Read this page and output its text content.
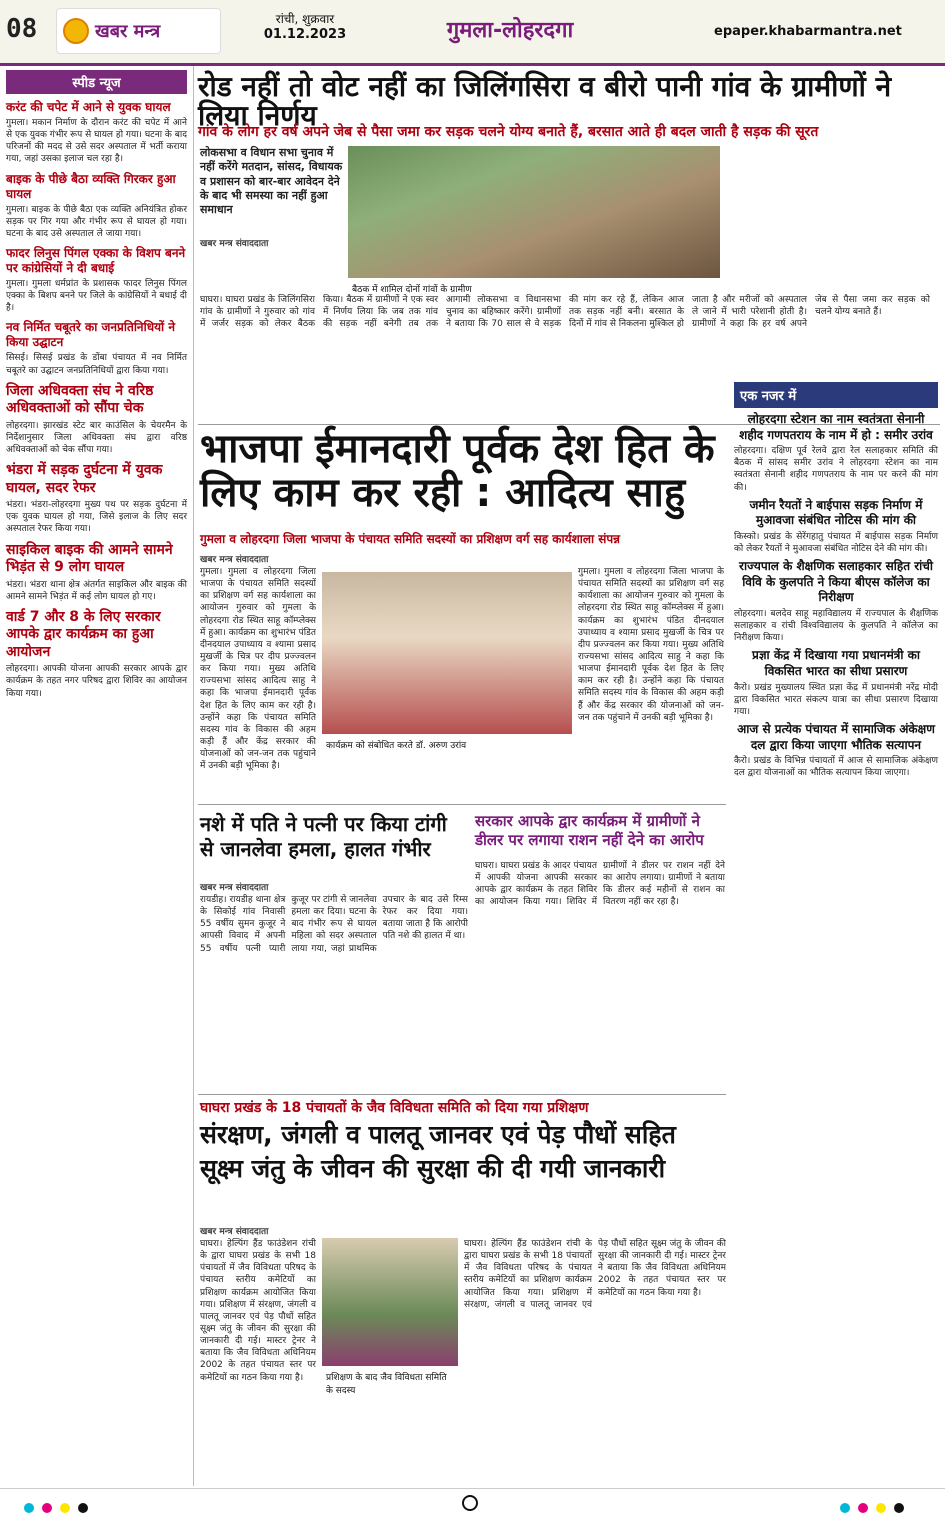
08	खबर मन्त्र
रांची, शुक्रवार
01.12.2023	गुमला-लोहरदगा	epaper.khabarmantra.net
स्पीड न्यूज
करंट की चपेट में आने से युवक घायल
गुमला। मकान निर्माण के दौरान करंट की चपेट में आने से एक युवक गंभीर रूप से घायल हो गया। घटना के बाद परिजनों की मदद से उसे सदर अस्पताल में भर्ती कराया गया, जहां उसका इलाज चल रहा है।
बाइक के पीछे बैठा व्यक्ति गिरकर हुआ घायल
गुमला। बाइक के पीछे बैठा एक व्यक्ति अनियंत्रित होकर सड़क पर गिर गया और गंभीर रूप से घायल हो गया। घटना के बाद उसे अस्पताल ले जाया गया।
फादर लिनुस पिंगल एक्का के विशप बनने पर कांग्रेसियों ने दी बधाई
गुमला। गुमला धर्मप्रांत के प्रशासक फादर लिनुस पिंगल एक्का के बिशप बनने पर जिले के कांग्रेसियों ने बधाई दी है।
नव निर्मित चबूतरे का जनप्रतिनिधियों ने किया उद्घाटन
सिसई। सिसई प्रखंड के डोंबा पंचायत में नव निर्मित चबूतरे का उद्घाटन जनप्रतिनिधियों द्वारा किया गया।
जिला अधिवक्ता संघ ने वरिष्ठ अधिवक्ताओं को सौंपा चेक
लोहरदगा। झारखंड स्टेट बार काउंसिल के चेयरमैन के निर्देशानुसार जिला अधिवक्ता संघ द्वारा वरिष्ठ अधिवक्ताओं को चेक सौंपा गया।
भंडरा में सड़क दुर्घटना में युवक घायल, सदर रेफर
भंडरा। भंडरा-लोहरदगा मुख्य पथ पर सड़क दुर्घटना में एक युवक घायल हो गया, जिसे इलाज के लिए सदर अस्पताल रेफर किया गया।
साइकिल बाइक की आमने सामने भिड़ंत से 9 लोग घायल
भंडरा। भंडरा थाना क्षेत्र अंतर्गत साइकिल और बाइक की आमने सामने भिड़ंत में कई लोग घायल हो गए।
वार्ड 7 और 8 के लिए सरकार आपके द्वार कार्यक्रम का हुआ आयोजन
लोहरदगा। आपकी योजना आपकी सरकार आपके द्वार कार्यक्रम के तहत नगर परिषद द्वारा शिविर का आयोजन किया गया।
रोड नहीं तो वोट नहीं का जिलिंगसिरा व बीरो पानी गांव के ग्रामीणों ने लिया निर्णय
गांव के लोग हर वर्ष अपने जेब से पैसा जमा कर सड़क चलने योग्य बनाते हैं, बरसात आते ही बदल जाती है सड़क की सूरत
लोकसभा व विधान सभा चुनाव में नहीं करेंगे मतदान, सांसद, विधायक व प्रशासन को बार-बार आवेदन देने के बाद भी समस्या का नहीं हुआ समाधान
खबर मन्त्र संवाददाता
बैठक में शामिल दोनों गांवों के ग्रामीण
घाघरा। घाघरा प्रखंड के जिलिंगसिरा गांव के ग्रामीणों ने गुरुवार को गांव में जर्जर सड़क को लेकर बैठक किया। बैठक में ग्रामीणों ने एक स्वर में निर्णय लिया कि जब तक गांव की सड़क नहीं बनेगी तब तक आगामी लोकसभा व विधानसभा चुनाव का बहिष्कार करेंगे। ग्रामीणों ने बताया कि 70 साल से वे सड़क की मांग कर रहे हैं, लेकिन आज तक सड़क नहीं बनी। बरसात के दिनों में गांव से निकलना मुश्किल हो जाता है और मरीजों को अस्पताल ले जाने में भारी परेशानी होती है। ग्रामीणों ने कहा कि हर वर्ष अपने जेब से पैसा जमा कर सड़क को चलने योग्य बनाते हैं।
भाजपा ईमानदारी पूर्वक देश हित के लिए काम कर रही : आदित्य साहु
गुमला व लोहरदगा जिला भाजपा के पंचायत समिति सदस्यों का प्रशिक्षण वर्ग सह कार्यशाला संपन्न
खबर मन्त्र संवाददाता
गुमला। गुमला व लोहरदगा जिला भाजपा के पंचायत समिति सदस्यों का प्रशिक्षण वर्ग सह कार्यशाला का आयोजन गुरुवार को गुमला के लोहरदगा रोड स्थित साहू कॉम्प्लेक्स में हुआ। कार्यक्रम का शुभारंभ पंडित दीनदयाल उपाध्याय व श्यामा प्रसाद मुखर्जी के चित्र पर दीप प्रज्ज्वलन कर किया गया। मुख्य अतिथि राज्यसभा सांसद आदित्य साहु ने कहा कि भाजपा ईमानदारी पूर्वक देश हित के लिए काम कर रही है। उन्होंने कहा कि पंचायत समिति सदस्य गांव के विकास की अहम कड़ी हैं और केंद्र सरकार की योजनाओं को जन-जन तक पहुंचाने में उनकी बड़ी भूमिका है।
कार्यक्रम को संबोधित करते डॉ. अरुण उरांव
गुमला। गुमला व लोहरदगा जिला भाजपा के पंचायत समिति सदस्यों का प्रशिक्षण वर्ग सह कार्यशाला का आयोजन गुरुवार को गुमला के लोहरदगा रोड स्थित साहू कॉम्प्लेक्स में हुआ। कार्यक्रम का शुभारंभ पंडित दीनदयाल उपाध्याय व श्यामा प्रसाद मुखर्जी के चित्र पर दीप प्रज्ज्वलन कर किया गया। मुख्य अतिथि राज्यसभा सांसद आदित्य साहु ने कहा कि भाजपा ईमानदारी पूर्वक देश हित के लिए काम कर रही है। उन्होंने कहा कि पंचायत समिति सदस्य गांव के विकास की अहम कड़ी हैं और केंद्र सरकार की योजनाओं को जन-जन तक पहुंचाने में उनकी बड़ी भूमिका है।
एक नजर में
लोहरदगा स्टेशन का नाम स्वतंत्रता सेनानी शहीद गणपतराय के नाम में हो : समीर उरांव
लोहरदगा। दक्षिण पूर्व रेलवे द्वारा रेल सलाहकार समिति की बैठक में सांसद समीर उरांव ने लोहरदगा स्टेशन का नाम स्वतंत्रता सेनानी शहीद गणपतराय के नाम पर करने की मांग की।
जमीन रैयतों ने बाईपास सड़क निर्माण में मुआवजा संबंधित नोटिस की मांग की
किस्को। प्रखंड के सेरेंगहातु पंचायत में बाईपास सड़क निर्माण को लेकर रैयतों ने मुआवजा संबंधित नोटिस देने की मांग की।
राज्यपाल के शैक्षणिक सलाहकार सहित रांची विवि के कुलपति ने किया बीएस कॉलेज का निरीक्षण
लोहरदगा। बलदेव साहू महाविद्यालय में राज्यपाल के शैक्षणिक सलाहकार व रांची विश्वविद्यालय के कुलपति ने कॉलेज का निरीक्षण किया।
प्रज्ञा केंद्र में दिखाया गया प्रधानमंत्री का विकसित भारत का सीधा प्रसारण
कैरो। प्रखंड मुख्यालय स्थित प्रज्ञा केंद्र में प्रधानमंत्री नरेंद्र मोदी द्वारा विकसित भारत संकल्प यात्रा का सीधा प्रसारण दिखाया गया।
आज से प्रत्येक पंचायत में सामाजिक अंकेक्षण दल द्वारा किया जाएगा भौतिक सत्यापन
कैरो। प्रखंड के विभिन्न पंचायतों में आज से सामाजिक अंकेक्षण दल द्वारा योजनाओं का भौतिक सत्यापन किया जाएगा।
नशे में पति ने पत्नी पर किया टांगी से जानलेवा हमला, हालत गंभीर
खबर मन्त्र संवाददाता
रायडीह। रायडीह थाना क्षेत्र के सिकोई गांव निवासी 55 वर्षीय सुमन कुजूर ने आपसी विवाद में अपनी 55 वर्षीय पत्नी प्यारी कुजूर पर टांगी से जानलेवा हमला कर दिया। घटना के बाद गंभीर रूप से घायल महिला को सदर अस्पताल लाया गया, जहां प्राथमिक उपचार के बाद उसे रिम्स रेफर कर दिया गया। बताया जाता है कि आरोपी पति नशे की हालत में था।
सरकार आपके द्वार कार्यक्रम में ग्रामीणों ने डीलर पर लगाया राशन नहीं देने का आरोप
घाघरा। घाघरा प्रखंड के आदर पंचायत में आपकी योजना आपकी सरकार आपके द्वार कार्यक्रम के तहत शिविर का आयोजन किया गया। शिविर में ग्रामीणों ने डीलर पर राशन नहीं देने का आरोप लगाया। ग्रामीणों ने बताया कि डीलर कई महीनों से राशन का वितरण नहीं कर रहा है।
घाघरा प्रखंड के 18 पंचायतों के जैव विविधता समिति को दिया गया प्रशिक्षण
संरक्षण, जंगली व पालतू जानवर एवं पेड़ पौधों सहित सूक्ष्म जंतु के जीवन की सुरक्षा की दी गयी जानकारी
खबर मन्त्र संवाददाता
घाघरा। हेल्पिंग हैंड फाउंडेशन रांची के द्वारा घाघरा प्रखंड के सभी 18 पंचायतों में जैव विविधता परिषद के पंचायत स्तरीय कमेटियों का प्रशिक्षण कार्यक्रम आयोजित किया गया। प्रशिक्षण में संरक्षण, जंगली व पालतू जानवर एवं पेड़ पौधों सहित सूक्ष्म जंतु के जीवन की सुरक्षा की जानकारी दी गई। मास्टर ट्रेनर ने बताया कि जैव विविधता अधिनियम 2002 के तहत पंचायत स्तर पर कमेटियों का गठन किया गया है।	प्रशिक्षण के बाद जैव विविधता समिति के सदस्य
घाघरा। हेल्पिंग हैंड फाउंडेशन रांची के द्वारा घाघरा प्रखंड के सभी 18 पंचायतों में जैव विविधता परिषद के पंचायत स्तरीय कमेटियों का प्रशिक्षण कार्यक्रम आयोजित किया गया। प्रशिक्षण में संरक्षण, जंगली व पालतू जानवर एवं पेड़ पौधों सहित सूक्ष्म जंतु के जीवन की सुरक्षा की जानकारी दी गई। मास्टर ट्रेनर ने बताया कि जैव विविधता अधिनियम 2002 के तहत पंचायत स्तर पर कमेटियों का गठन किया गया है।
